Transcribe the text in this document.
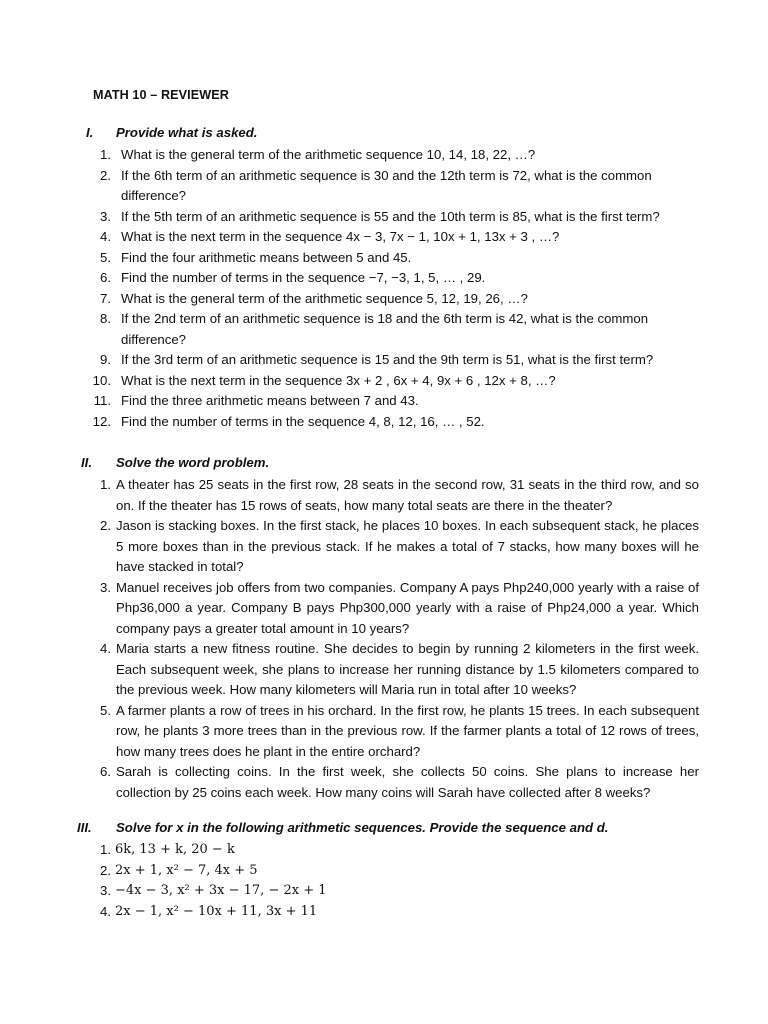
MATH 10 – REVIEWER
I. Provide what is asked.
1. What is the general term of the arithmetic sequence 10, 14, 18, 22, …?
2. If the 6th term of an arithmetic sequence is 30 and the 12th term is 72, what is the common difference?
3. If the 5th term of an arithmetic sequence is 55 and the 10th term is 85, what is the first term?
4. What is the next term in the sequence 4x − 3, 7x − 1, 10x + 1, 13x + 3 , …?
5. Find the four arithmetic means between 5 and 45.
6. Find the number of terms in the sequence −7, −3, 1, 5, … , 29.
7. What is the general term of the arithmetic sequence 5, 12, 19, 26, …?
8. If the 2nd term of an arithmetic sequence is 18 and the 6th term is 42, what is the common difference?
9. If the 3rd term of an arithmetic sequence is 15 and the 9th term is 51, what is the first term?
10. What is the next term in the sequence 3x + 2 , 6x + 4, 9x + 6 , 12x + 8, …?
11. Find the three arithmetic means between 7 and 43.
12. Find the number of terms in the sequence 4, 8, 12, 16, … , 52.
II. Solve the word problem.
1. A theater has 25 seats in the first row, 28 seats in the second row, 31 seats in the third row, and so on. If the theater has 15 rows of seats, how many total seats are there in the theater?
2. Jason is stacking boxes. In the first stack, he places 10 boxes. In each subsequent stack, he places 5 more boxes than in the previous stack. If he makes a total of 7 stacks, how many boxes will he have stacked in total?
3. Manuel receives job offers from two companies. Company A pays Php240,000 yearly with a raise of Php36,000 a year. Company B pays Php300,000 yearly with a raise of Php24,000 a year. Which company pays a greater total amount in 10 years?
4. Maria starts a new fitness routine. She decides to begin by running 2 kilometers in the first week. Each subsequent week, she plans to increase her running distance by 1.5 kilometers compared to the previous week. How many kilometers will Maria run in total after 10 weeks?
5. A farmer plants a row of trees in his orchard. In the first row, he plants 15 trees. In each subsequent row, he plants 3 more trees than in the previous row. If the farmer plants a total of 12 rows of trees, how many trees does he plant in the entire orchard?
6. Sarah is collecting coins. In the first week, she collects 50 coins. She plans to increase her collection by 25 coins each week. How many coins will Sarah have collected after 8 weeks?
III. Solve for x in the following arithmetic sequences. Provide the sequence and d.
1. 6k, 13 + k, 20 − k
2. 2x + 1, x² − 7, 4x + 5
3. −4x − 3, x² + 3x − 17, − 2x + 1
4. 2x − 1, x² − 10x + 11, 3x + 11
